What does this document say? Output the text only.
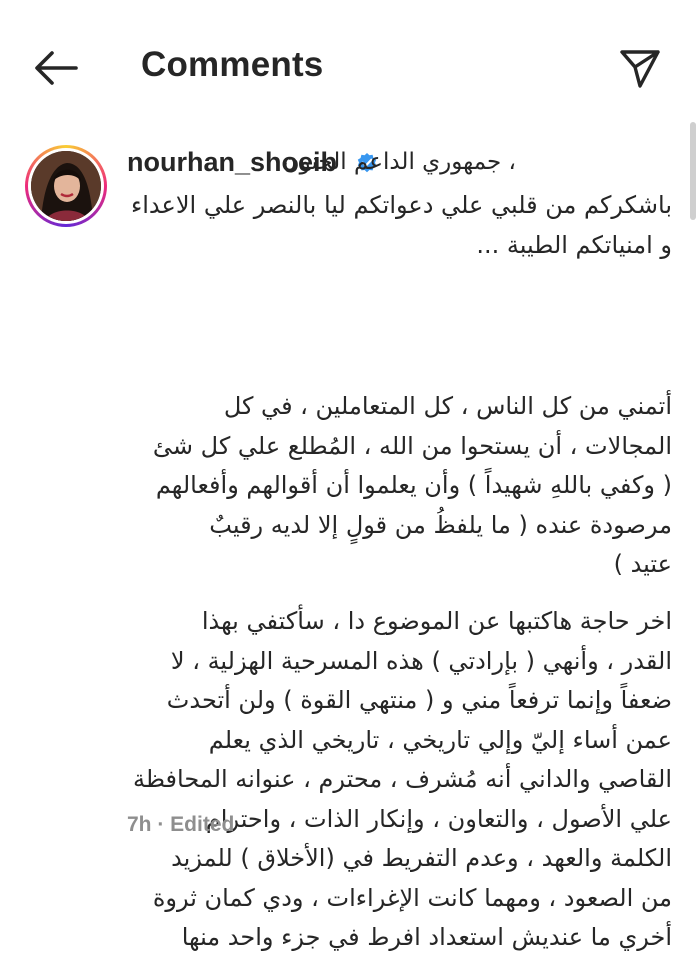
Comments
nourhan_shoeib
، جمهوري الداعم الحنون
باشكركم من قلبي علي دعواتكم ليا بالنصر علي الاعداء
و امنياتكم الطيبة ...
أتمني من كل الناس ، كل المتعاملين ، في كل
المجالات ، أن يستحوا من الله ، المُطلع علي كل شئ
( وكفي باللهِ شهيداً ) وأن يعلموا أن أقوالهم وأفعالهم
مرصودة عنده ( ما يلفظُ من قولٍ إلا لديه رقيبٌ
عتيد )
اخر حاجة هاكتبها عن الموضوع دا ، سأكتفي بهذا
القدر ، وأنهي ( بإرادتي ) هذه المسرحية الهزلية ، لا
ضعفاً وإنما ترفعاً مني و ( منتهي القوة ) ولن أتحدث
عمن أساء إليّ وإلي تاريخي ، تاريخي الذي يعلم
القاصي والداني أنه مُشرف ، محترم ، عنوانه المحافظة
علي الأصول ، والتعاون ، وإنكار الذات ، واحترام
الكلمة والعهد ، وعدم التفريط في (الأخلاق ) للمزيد
من الصعود ، ومهما كانت الإغراءات ، ودي كمان ثروة
أخري ما عنديش استعداد افرط في جزء واحد منها
7h · Edited
